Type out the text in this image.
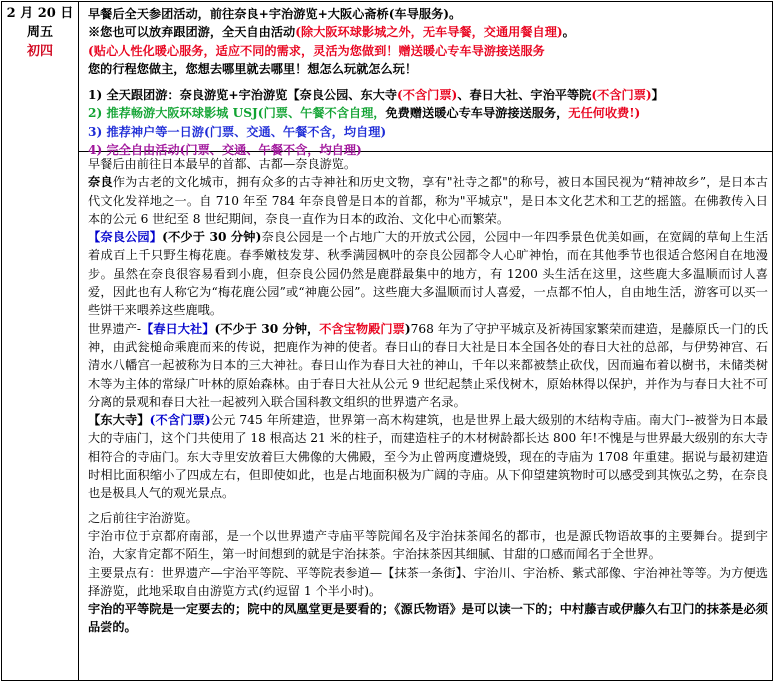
2 月 20 日
周五
初四
早餐后全天参团活动，前往奈良+宇治游览+大阪心斋桥(车导服务)。
※您也可以放弃跟团游，全天自由活动(除大阪环球影城之外，无车导餐，交通用餐自理)。
(贴心人性化暖心服务，适应不同的需求，灵活为您做到！赠送暖心专车导游接送服务
您的行程您做主，您想去哪里就去哪里！想怎么玩就怎么玩！
1) 全天跟团游：奈良游览+宇治游览【奈良公园、东大寺(不含门票)、春日大社、宇治平等院(不含门票)】
2) 推荐畅游大阪环球影城 USJ(门票、午餐不含自理，免费赠送暖心专车导游接送服务，无任何收费!)
3) 推荐神户等一日游(门票、交通、午餐不含，均自理)
4) 完全自由活动(门票、交通、午餐不含，均自理)
早餐后由前往日本最早的首都、古都—奈良游览。
奈良作为古老的文化城市，拥有众多的古寺神社和历史文物，享有"社寺之都"的称号，被日本国民视为“精神故乡”，是日本古代文化发祥地之一。自 710 年至 784 年奈良曾是日本的首都，称为"平城京"，是日本文化艺术和工艺的摇篮。在佛教传入日本的公元 6 世纪至 8 世纪期间，奈良一直作为日本的政治、文化中心而繁荣。
【奈良公园】(不少于 30 分钟)奈良公园是一个占地广大的开放式公园，公园中一年四季景色优美如画，在宽阔的草甸上生活着成百上千只野生梅花鹿。春季嫩枝发芽、秋季满园枫叶的奈良公园都令人心旷神怡，而在其他季节也很适合悠闲自在地漫步。虽然在奈良很容易看到小鹿，但奈良公园仍然是鹿群最集中的地方，有 1200 头生活在这里，这些鹿大多温顺而讨人喜爱，因此也有人称它为“梅花鹿公园”或“神鹿公园”。这些鹿大多温顺而讨人喜爱，一点都不怕人，自由地生活，游客可以买一些饼干来喂养这些鹿哦。
世界遗产-【春日大社】(不少于 30 分钟，不含宝物殿门票)768 年为了守护平城京及祈祷国家繁荣而建造，是藤原氏一门的氏神，由武瓮槌命乘鹿而来的传说，把鹿作为神的使者。春日山的春日大社是日本全国各处的春日大社的总部，与伊势神宫、石清水八幡宫一起被称为日本的三大神社。春日山作为春日大社的神山，千年以来都被禁止砍伐，因而遍布着以樹书，未储类树木等为主体的常绿广叶林的原始森林。由于春日大社从公元 9 世纪起禁止采伐树木，原始林得以保护，并作为与春日大社不可分离的景观和春日大社一起被列入联合国科教文组织的世界遗产名录。
【东大寺】(不含门票)公元 745 年所建造，世界第一高木构建筑，也是世界上最大级别的木结构寺庙。南大门--被誉为日本最大的寺庙门，这个门共使用了 18 根高达 21 米的柱子，而建造柱子的木材树龄都长达 800 年!不愧是与世界最大级别的东大寺相符合的寺庙门。东大寺里安放着巨大佛像的大佛殿，至今为止曾两度遭烧毁，现在的寺庙为 1708 年重建。据说与最初建造时相比面积缩小了四成左右，但即使如此，也是占地面积极为广阔的寺庙。从下仰望建筑物时可以感受到其恢弘之势，在奈良也是极具人气的观光景点。
之后前往宇治游览。
宇治市位于京都府南部，是一个以世界遗产寺庙平等院闻名及宇治抹茶闻名的都市，也是源氏物语故事的主要舞台。提到宇治，大家肯定都不陌生，第一时间想到的就是宇治抹茶。宇治抹茶因其细腻、甘甜的口感而闻名于全世界。
主要景点有：世界遗产—宇治平等院、平等院表参道—【抹茶一条街】、宇治川、宇治桥、紫式部像、宇治神社等等。为方便选择游览，此地采取自由游览方式(约逗留 1 个半小时)。
宇治的平等院是一定要去的；院中的凤凰堂更是要看的；《源氏物语》是可以读一下的；中村藤吉或伊藤久右卫门的抹茶是必须品尝的。
